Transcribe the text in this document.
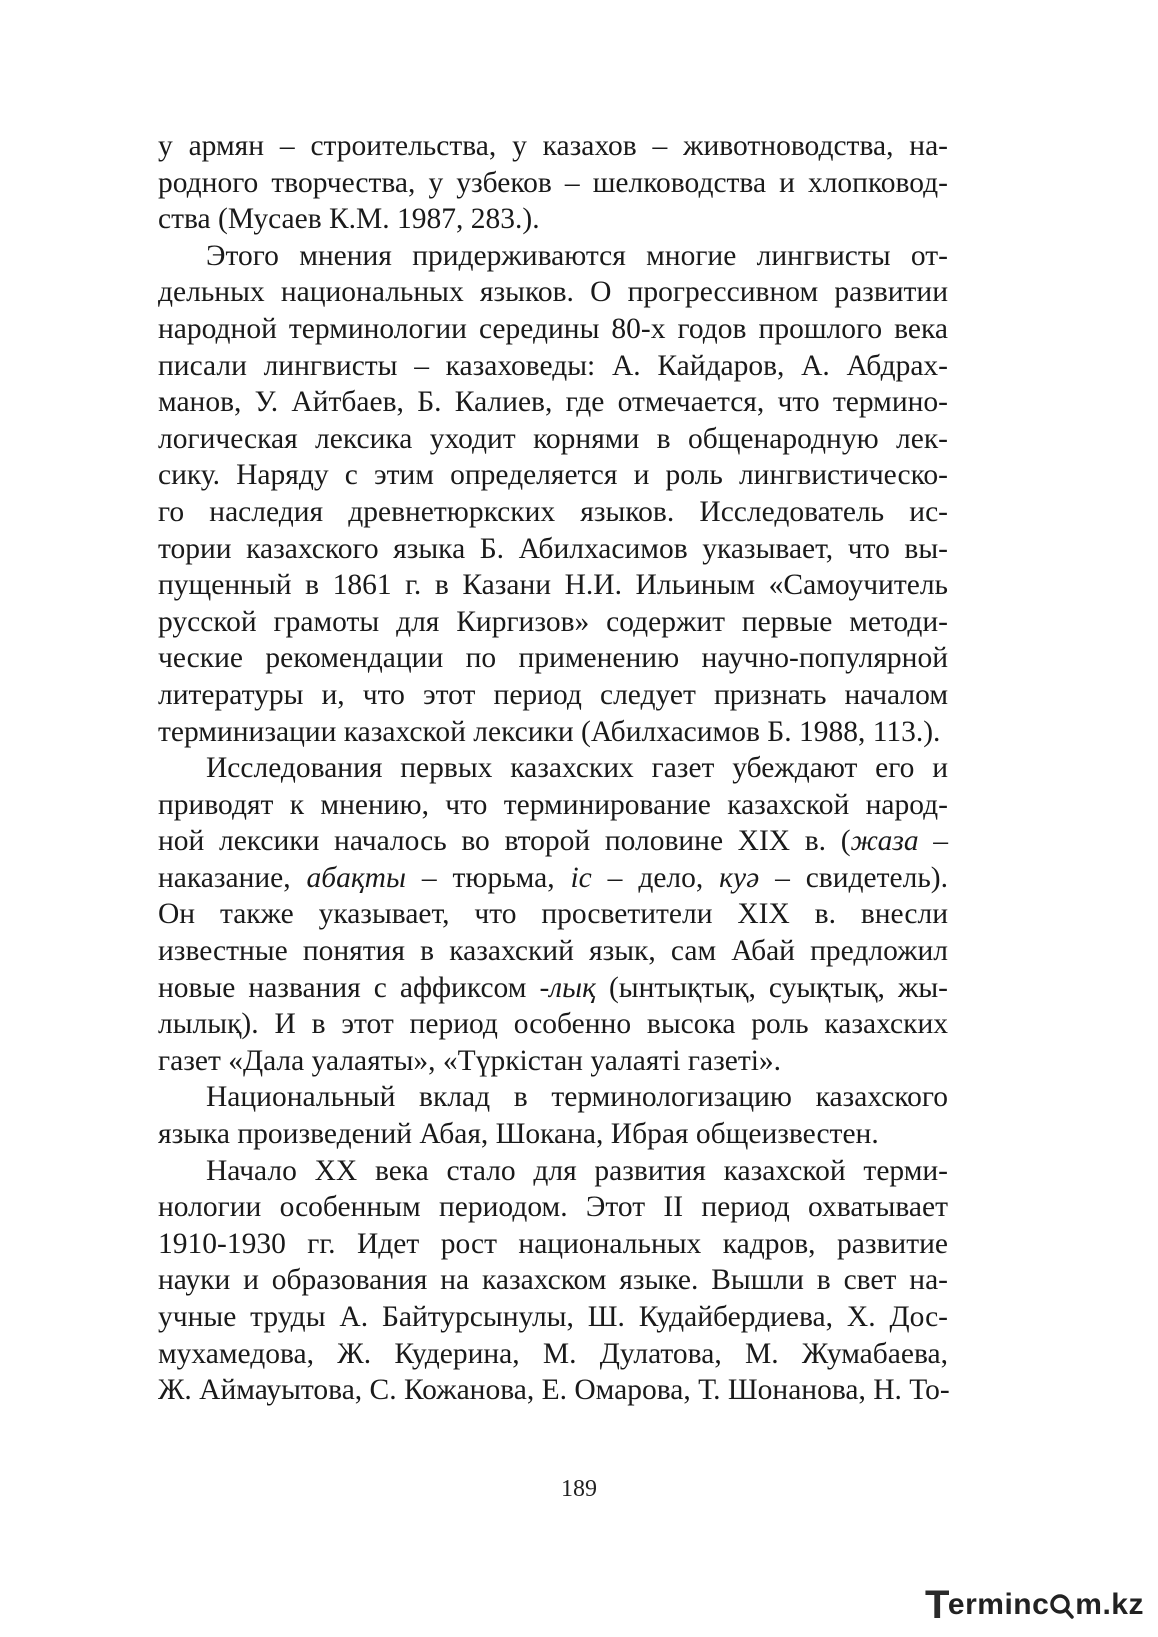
у армян – строительства, у казахов – животноводства, на-
родного творчества, у узбеков – шелководства и хлопковод-
ства (Мусаев К.М. 1987, 283.).
Этого мнения придерживаются многие лингвисты от-
дельных национальных языков. О прогрессивном развитии
народной терминологии середины 80-х годов прошлого века
писали лингвисты – казаховеды: А. Кайдаров, А. Абдрах-
манов, У. Айтбаев, Б. Калиев, где отмечается, что термино-
логическая лексика уходит корнями в общенародную лек-
сику. Наряду с этим определяется и роль лингвистическо-
го наследия древнетюркских языков. Исследователь ис-
тории казахского языка Б. Абилхасимов указывает, что вы-
пущенный в 1861 г. в Казани Н.И. Ильиным «Самоучитель
русской грамоты для Киргизов» содержит первые методи-
ческие рекомендации по применению научно-популярной
литературы и, что этот период следует признать началом
терминизации казахской лексики (Абилхасимов Б. 1988, 113.).
Исследования первых казахских газет убеждают его и
приводят к мнению, что терминирование казахской народ-
ной лексики началось во второй половине XIX в. (жаза –
наказание, абақты – тюрьма, іс – дело, куә – свидетель).
Он также указывает, что просветители XIX в. внесли
известные понятия в казахский язык, сам Абай предложил
новые названия с аффиксом -лық (ынтықтық, суықтық, жы-
лылық). И в этот период особенно высока роль казахских
газет «Дала уалаяты», «Түркістан уалаяті газеті».
Национальный вклад в терминологизацию казахского
языка произведений Абая, Шокана, Ибрая общеизвестен.
Начало XX века стало для развития казахской терми-
нологии особенным периодом. Этот II период охватывает
1910-1930 гг. Идет рост национальных кадров, развитие
науки и образования на казахском языке. Вышли в свет на-
учные труды А. Байтурсынулы, Ш. Кудайбердиева, Х. Дос-
мухамедова, Ж. Кудерина, М. Дулатова, М. Жумабаева,
Ж. Аймауытова, С. Кожанова, Е. Омарова, Т. Шонанова, Н. То-
189
T
erminc m.kz
